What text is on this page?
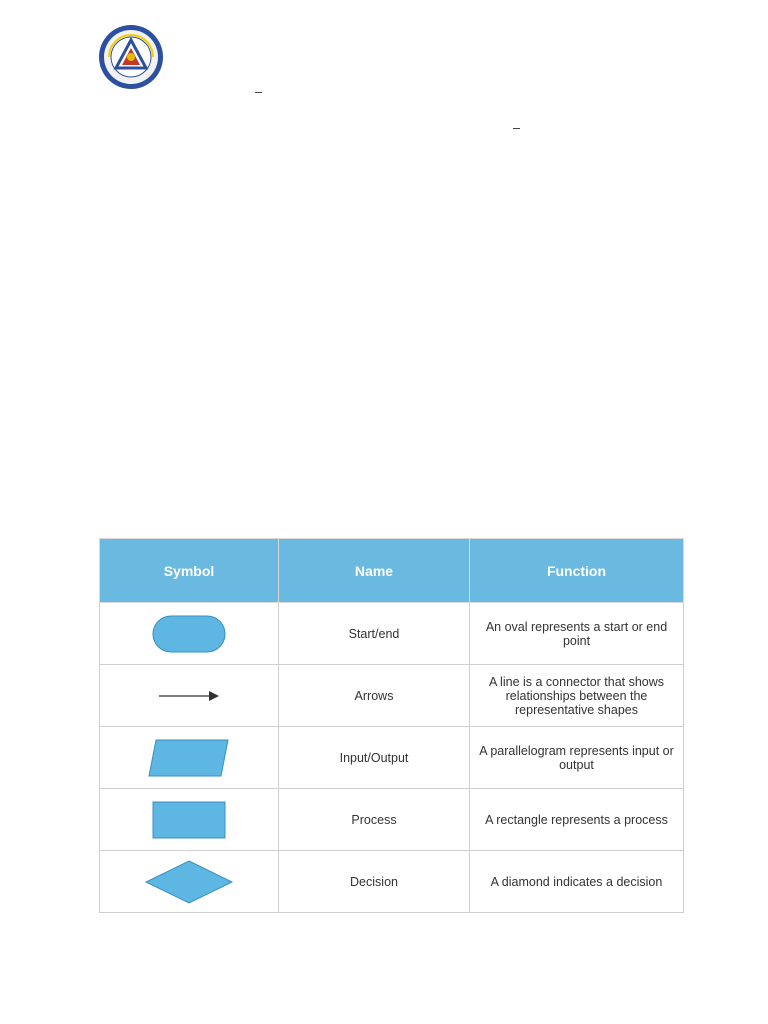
Symbol	Name	Function

	Start/end	An oval represents a start or end point

	Arrows	A line is a connector that shows relationships between the representative shapes

	Input/Output	A parallelogram represents input or output

	Process	A rectangle represents a process

	Decision	A diamond indicates a decision
